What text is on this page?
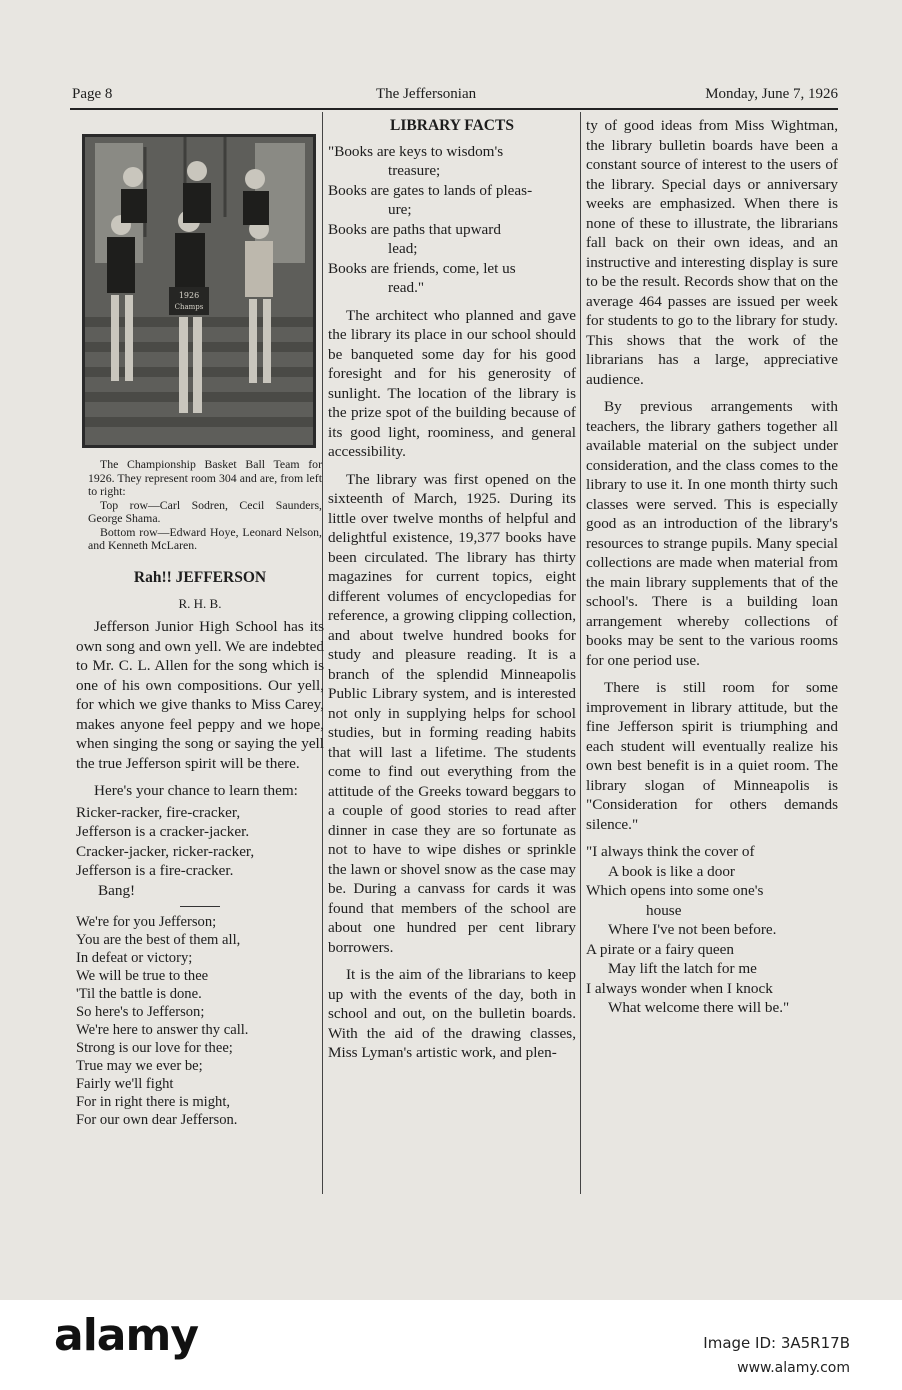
Page 8	The Jeffersonian	Monday, June 7, 1926
1926
Champs

The Championship Basket Ball Team for 1926. They represent room 304 and are, from left to right:

Top row—Carl Sodren, Cecil Saunders, George Shama.

Bottom row—Edward Hoye, Leonard Nelson, and Kenneth McLaren.

Rah!! JEFFERSON
R. H. B.

Jefferson Junior High School has its own song and own yell. We are indebted to Mr. C. L. Allen for the song which is one of his own compositions. Our yell, for which we give thanks to Miss Carey, makes anyone feel peppy and we hope, when singing the song or saying the yell the true Jefferson spirit will be there.

Here's your chance to learn them:

Ricker-racker, fire-cracker,

Jefferson is a cracker-jacker.

Cracker-jacker, ricker-racker,

Jefferson is a fire-cracker.

Bang!

We're for you Jefferson;

You are the best of them all,

In defeat or victory;

We will be true to thee

'Til the battle is done.

So here's to Jefferson;

We're here to answer thy call.

Strong is our love for thee;

True may we ever be;

Fairly we'll fight

For in right there is might,

For our own dear Jefferson.

LIBRARY FACTS

"Books are keys to wisdom's

treasure;

Books are gates to lands of pleas-

ure;

Books are paths that upward

lead;

Books are friends, come, let us

read."

The architect who planned and gave the library its place in our school should be banqueted some day for his good foresight and for his generosity of sunlight. The location of the library is the prize spot of the building because of its good light, roominess, and general accessibility.

The library was first opened on the sixteenth of March, 1925. During its little over twelve months of helpful and delightful existence, 19,377 books have been circulated. The library has thirty magazines for current topics, eight different volumes of encyclopedias for reference, a growing clipping collection, and about twelve hundred books for study and pleasure reading. It is a branch of the splendid Minneapolis Public Library system, and is interested not only in supplying helps for school studies, but in forming reading habits that will last a lifetime. The students come to find out everything from the attitude of the Greeks toward beggars to a couple of good stories to read after dinner in case they are so fortunate as not to have to wipe dishes or sprinkle the lawn or shovel snow as the case may be. During a canvass for cards it was found that members of the school are about one hundred per cent library borrowers.

It is the aim of the librarians to keep up with the events of the day, both in school and out, on the bulletin boards. With the aid of the drawing classes, Miss Lyman's artistic work, and plen-

ty of good ideas from Miss Wightman, the library bulletin boards have been a constant source of interest to the users of the library. Special days or anniversary weeks are emphasized. When there is none of these to illustrate, the librarians fall back on their own ideas, and an instructive and interesting display is sure to be the result. Records show that on the average 464 passes are issued per week for students to go to the library for study. This shows that the work of the librarians has a large, appreciative audience.

By previous arrangements with teachers, the library gathers together all available material on the subject under consideration, and the class comes to the library to use it. In one month thirty such classes were served. This is especially good as an introduction of the library's resources to strange pupils. Many special collections are made when material from the main library supplements that of the school's. There is a building loan arrangement whereby collections of books may be sent to the various rooms for one period use.

There is still room for some improvement in library attitude, but the fine Jefferson spirit is triumphing and each student will eventually realize his own best benefit is in a quiet room. The library slogan of Minneapolis is "Consideration for others demands silence."

"I always think the cover of

A book is like a door

Which opens into some one's

house

Where I've not been before.

A pirate or a fairy queen

May lift the latch for me

I always wonder when I knock

What welcome there will be."

alamy	Image ID: 3A5R17B
www.alamy.com
